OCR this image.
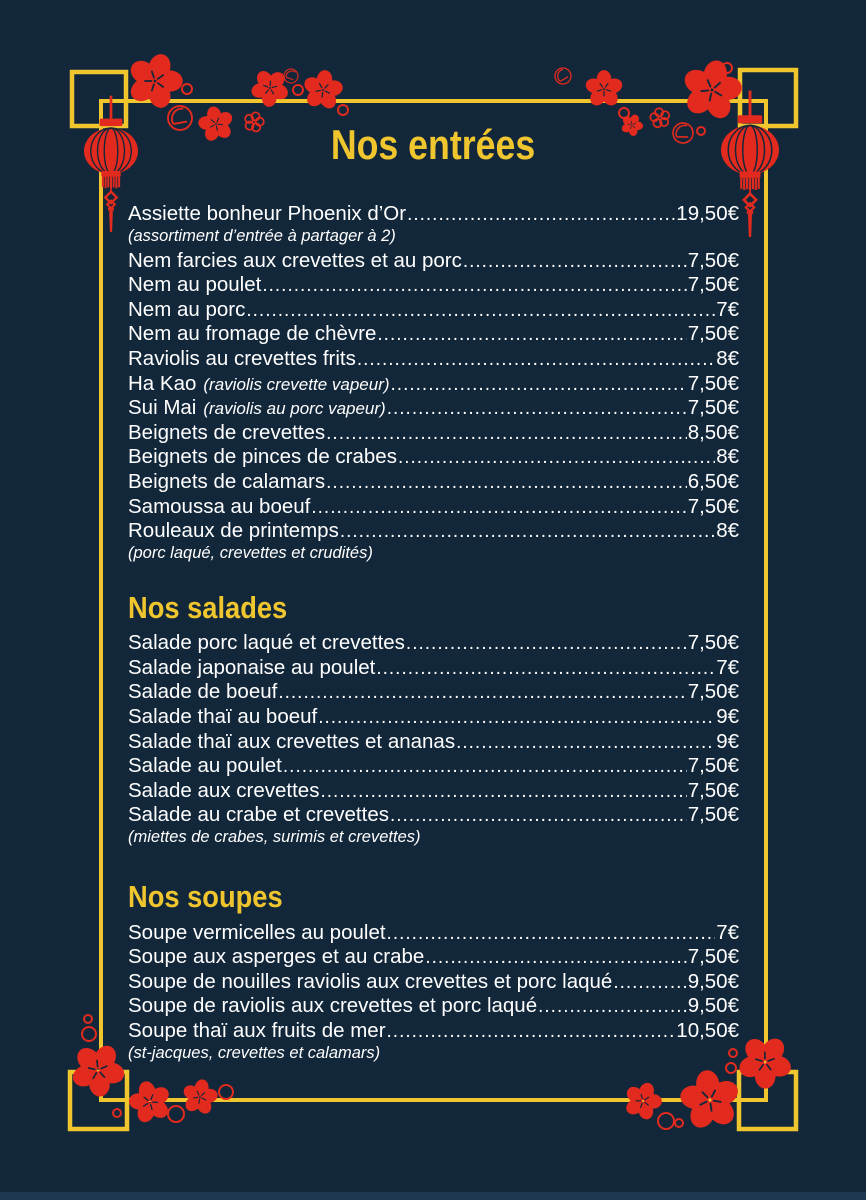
Nos entrées
Assiette bonheur Phoenix d’Or .....	19,50€
(assortiment d’entrée à partager à 2)
Nem farcies aux crevettes et au porc .....	7,50€
Nem au poulet .....	7,50€
Nem au porc .....	7€
Nem au fromage de chèvre .....	7,50€
Raviolis au crevettes frits .....	8€
Ha Kao (raviolis crevette vapeur) .....	7,50€
Sui Mai (raviolis au porc vapeur) .....	7,50€
Beignets de crevettes .....	8,50€
Beignets de pinces de crabes .....	8€
Beignets de calamars .....	6,50€
Samoussa au boeuf .....	7,50€
Rouleaux de printemps .....	8€
(porc laqué, crevettes et crudités)
Nos salades
Salade porc laqué et crevettes .....	7,50€
Salade japonaise au poulet .....	7€
Salade de boeuf .....	7,50€
Salade thaï au boeuf .....	9€
Salade thaï aux crevettes et ananas .....	9€
Salade au poulet .....	7,50€
Salade aux crevettes .....	7,50€
Salade au crabe et crevettes .....	7,50€
(miettes de crabes, surimis et crevettes)
Nos soupes
Soupe vermicelles au poulet .....	7€
Soupe aux asperges et au crabe .....	7,50€
Soupe de nouilles raviolis aux crevettes et porc laqué .....	9,50€
Soupe de raviolis aux crevettes et porc laqué .....	9,50€
Soupe thaï aux fruits de mer .....	10,50€
(st-jacques, crevettes et calamars)
